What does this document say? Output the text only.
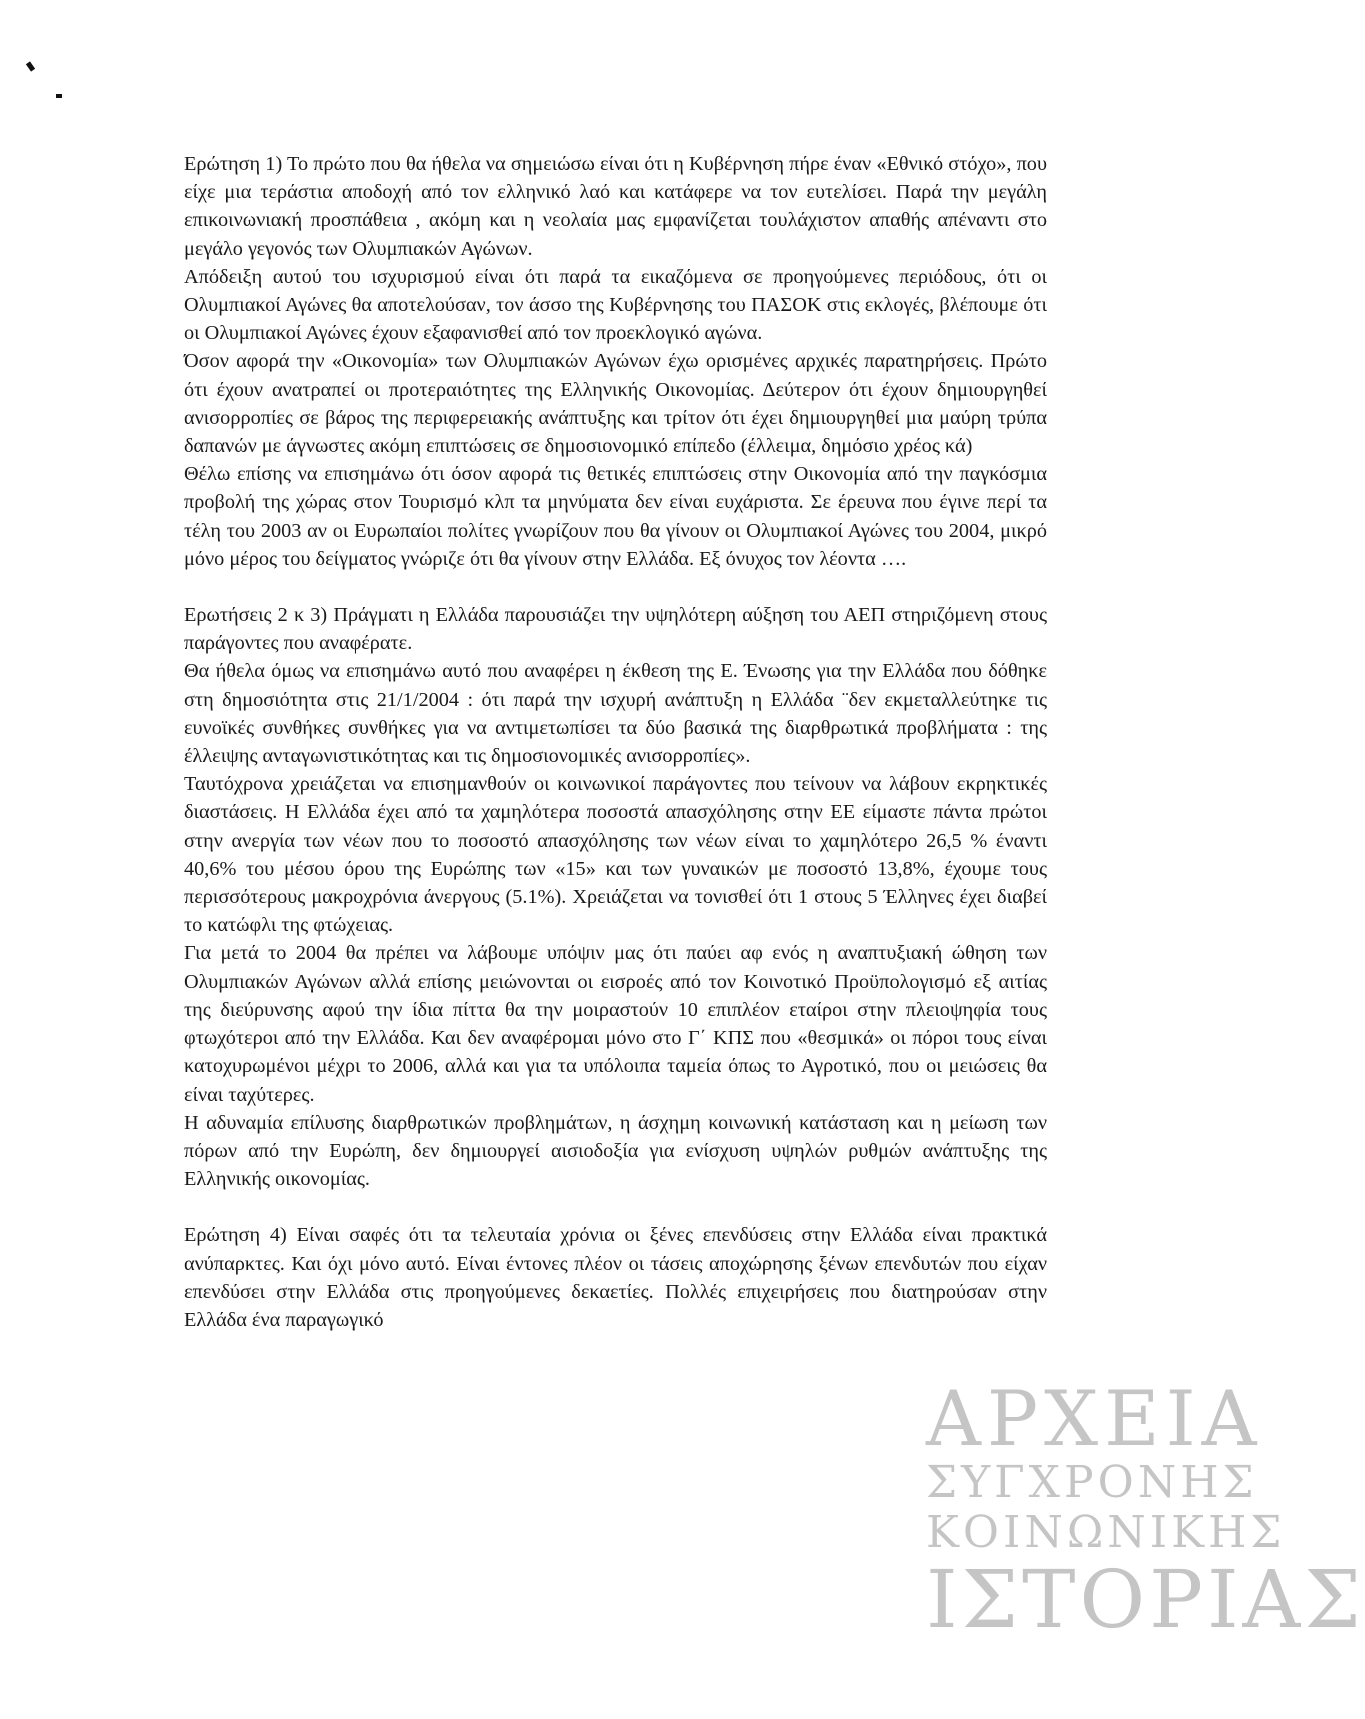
Ερώτηση 1) Το πρώτο που θα ήθελα να σημειώσω είναι ότι η Κυβέρνηση πήρε έναν «Εθνικό στόχο», που είχε μια τεράστια αποδοχή από τον ελληνικό λαό και κατάφερε να τον ευτελίσει. Παρά την μεγάλη επικοινωνιακή προσπάθεια , ακόμη και η νεολαία μας εμφανίζεται τουλάχιστον απαθής απέναντι στο μεγάλο γεγονός των Ολυμπιακών Αγώνων.

Απόδειξη αυτού του ισχυρισμού είναι ότι παρά τα εικαζόμενα σε προηγούμενες περιόδους, ότι οι Ολυμπιακοί Αγώνες θα αποτελούσαν, τον άσσο της Κυβέρνησης του ΠΑΣΟΚ στις εκλογές, βλέπουμε ότι οι Ολυμπιακοί Αγώνες έχουν εξαφανισθεί από τον προεκλογικό αγώνα.

Όσον αφορά την «Οικονομία» των Ολυμπιακών Αγώνων έχω ορισμένες αρχικές παρατηρήσεις. Πρώτο ότι έχουν ανατραπεί οι προτεραιότητες της Ελληνικής Οικονομίας. Δεύτερον ότι έχουν δημιουργηθεί ανισορροπίες σε βάρος της περιφερειακής ανάπτυξης και τρίτον ότι έχει δημιουργηθεί μια μαύρη τρύπα δαπανών με άγνωστες ακόμη επιπτώσεις σε δημοσιονομικό επίπεδο (έλλειμα, δημόσιο χρέος κά)

Θέλω επίσης να επισημάνω ότι όσον αφορά τις θετικές επιπτώσεις στην Οικονομία από την παγκόσμια προβολή της χώρας στον Τουρισμό κλπ τα μηνύματα δεν είναι ευχάριστα. Σε έρευνα που έγινε περί τα τέλη του 2003 αν οι Ευρωπαίοι πολίτες γνωρίζουν που θα γίνουν οι Ολυμπιακοί Αγώνες του 2004, μικρό μόνο μέρος του δείγματος γνώριζε ότι θα γίνουν στην Ελλάδα. Εξ όνυχος τον λέοντα ….

Ερωτήσεις 2 κ 3) Πράγματι η Ελλάδα παρουσιάζει την υψηλότερη αύξηση του ΑΕΠ στηριζόμενη στους παράγοντες που αναφέρατε.

Θα ήθελα όμως να επισημάνω αυτό που αναφέρει η έκθεση της Ε. Ένωσης για την Ελλάδα που δόθηκε στη δημοσιότητα στις 21/1/2004 : ότι παρά την ισχυρή ανάπτυξη η Ελλάδα ¨δεν εκμεταλλεύτηκε τις ευνοϊκές συνθήκες συνθήκες για να αντιμετωπίσει τα δύο βασικά της διαρθρωτικά προβλήματα : της έλλειψης ανταγωνιστικότητας και τις δημοσιονομικές ανισορροπίες».

Ταυτόχρονα χρειάζεται να επισημανθούν οι κοινωνικοί παράγοντες που τείνουν να λάβουν εκρηκτικές διαστάσεις. Η Ελλάδα έχει από τα χαμηλότερα ποσοστά απασχόλησης στην ΕΕ είμαστε πάντα πρώτοι στην ανεργία των νέων που το ποσοστό απασχόλησης των νέων είναι το χαμηλότερο 26,5 % έναντι 40,6% του μέσου όρου της Ευρώπης των «15» και των γυναικών με ποσοστό 13,8%, έχουμε τους περισσότερους μακροχρόνια άνεργους (5.1%). Χρειάζεται να τονισθεί ότι 1 στους 5 Έλληνες έχει διαβεί το κατώφλι της φτώχειας.

Για μετά το 2004 θα πρέπει να λάβουμε υπόψιν μας ότι παύει αφ ενός η αναπτυξιακή ώθηση των Ολυμπιακών Αγώνων αλλά επίσης μειώνονται οι εισροές από τον Κοινοτικό Προϋπολογισμό εξ αιτίας της διεύρυνσης αφού την ίδια πίττα θα την μοιραστούν 10 επιπλέον εταίροι στην πλειοψηφία τους φτωχότεροι από την Ελλάδα. Και δεν αναφέρομαι μόνο στο Γ΄ ΚΠΣ που «θεσμικά» οι πόροι τους είναι κατοχυρωμένοι μέχρι το 2006, αλλά και για τα υπόλοιπα ταμεία όπως το Αγροτικό, που οι μειώσεις θα είναι ταχύτερες.

Η αδυναμία επίλυσης διαρθρωτικών προβλημάτων, η άσχημη κοινωνική κατάσταση και η μείωση των πόρων από την Ευρώπη, δεν δημιουργεί αισιοδοξία για ενίσχυση υψηλών ρυθμών ανάπτυξης της Ελληνικής οικονομίας.

Ερώτηση 4) Είναι σαφές ότι τα τελευταία χρόνια οι ξένες επενδύσεις στην Ελλάδα είναι πρακτικά ανύπαρκτες. Και όχι μόνο αυτό. Είναι έντονες πλέον οι τάσεις αποχώρησης ξένων επενδυτών που είχαν επενδύσει στην Ελλάδα στις προηγούμενες δεκαετίες. Πολλές επιχειρήσεις που διατηρούσαν στην Ελλάδα ένα παραγωγικό

ΑΡΧΕΙΑ
ΣΥΓΧΡΟΝΗΣ
ΚΟΙΝΩΝΙΚΗΣ
ΙΣΤΟΡΙΑΣ
